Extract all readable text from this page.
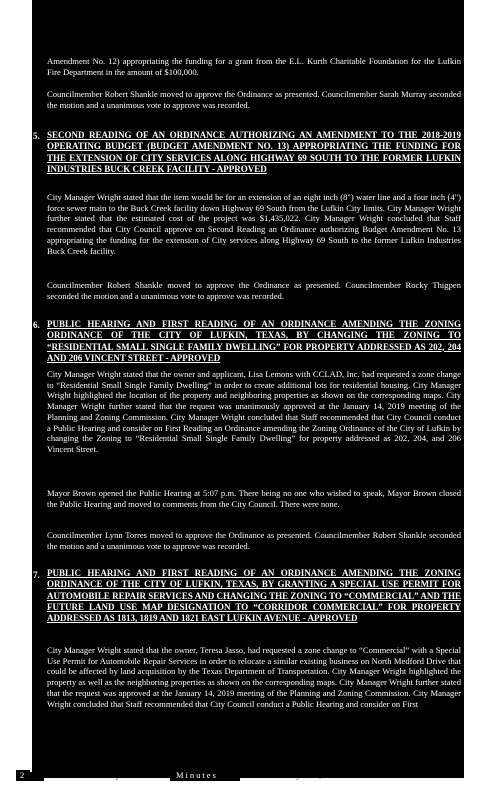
Amendment No. 12) appropriating the funding for a grant from the E.L. Kurth Charitable Foundation for the Lufkin Fire Department in the amount of $100,000.
Councilmember Robert Shankle moved to approve the Ordinance as presented. Councilmember Sarah Murray seconded the motion and a unanimous vote to approve was recorded.
5. SECOND READING OF AN ORDINANCE AUTHORIZING AN AMENDMENT TO THE 2018-2019 OPERATING BUDGET (BUDGET AMENDMENT NO. 13) APPROPRIATING THE FUNDING FOR THE EXTENSION OF CITY SERVICES ALONG HIGHWAY 69 SOUTH TO THE FORMER LUFKIN INDUSTRIES BUCK CREEK FACILITY - APPROVED
City Manager Wright stated that the item would be for an extension of an eight inch (8") water line and a four inch (4") force sewer main to the Buck Creek facility down Highway 69 South from the Lufkin City limits. City Manager Wright further stated that the estimated cost of the project was $1,435,022. City Manager Wright concluded that Staff recommended that City Council approve on Second Reading an Ordinance authorizing Budget Amendment No. 13 appropriating the funding for the extension of City services along Highway 69 South to the former Lufkin Industries Buck Creek facility.
Councilmember Robert Shankle moved to approve the Ordinance as presented. Councilmember Rocky Thigpen seconded the motion and a unanimous vote to approve was recorded.
6. PUBLIC HEARING AND FIRST READING OF AN ORDINANCE AMENDING THE ZONING ORDINANCE OF THE CITY OF LUFKIN, TEXAS, BY CHANGING THE ZONING TO “RESIDENTIAL SMALL SINGLE FAMILY DWELLING” FOR PROPERTY ADDRESSED AS 202, 204 AND 206 VINCENT STREET - APPROVED
City Manager Wright stated that the owner and applicant, Lisa Lemons with CCLAD, Inc. had requested a zone change to “Residential Small Single Family Dwelling” in order to create additional lots for residential housing. City Manager Wright highlighted the location of the property and neighboring properties as shown on the corresponding maps. City Manager Wright further stated that the request was unanimously approved at the January 14, 2019 meeting of the Planning and Zoning Commission. City Manager Wright concluded that Staff recommended that City Council conduct a Public Hearing and consider on First Reading an Ordinance amending the Zoning Ordinance of the City of Lufkin by changing the Zoning to “Residential Small Single Family Dwelling” for property addressed as 202, 204, and 206 Vincent Street.
Mayor Brown opened the Public Hearing at 5:07 p.m. There being no one who wished to speak, Mayor Brown closed the Public Hearing and moved to comments from the City Council. There were none.
Councilmember Lynn Torres moved to approve the Ordinance as presented. Councilmember Robert Shankle seconded the motion and a unanimous vote to approve was recorded.
7. PUBLIC HEARING AND FIRST READING OF AN ORDINANCE AMENDING THE ZONING ORDINANCE OF THE CITY OF LUFKIN, TEXAS, BY GRANTING A SPECIAL USE PERMIT FOR AUTOMOBILE REPAIR SERVICES AND CHANGING THE ZONING TO “COMMERCIAL” AND THE FUTURE LAND USE MAP DESIGNATION TO “CORRIDOR COMMERCIAL” FOR PROPERTY ADDRESSED AS 1813, 1819 AND 1821 EAST LUFKIN AVENUE - APPROVED
City Manager Wright stated that the owner, Teresa Jasso, had requested a zone change to “Commercial” with a Special Use Permit for Automobile Repair Services in order to relocate a similar existing business on North Medford Drive that could be affected by land acquisition by the Texas Department of Transportation. City Manager Wright highlighted the property as well as the neighboring properties as shown on the corresponding maps. City Manager Wright further stated that the request was approved at the January 14, 2019 meeting of the Planning and Zoning Commission. City Manager Wright concluded that Staff recommended that City Council conduct a Public Hearing and consider on First
2	Lufkin City	Minutes	January 22, 2019
